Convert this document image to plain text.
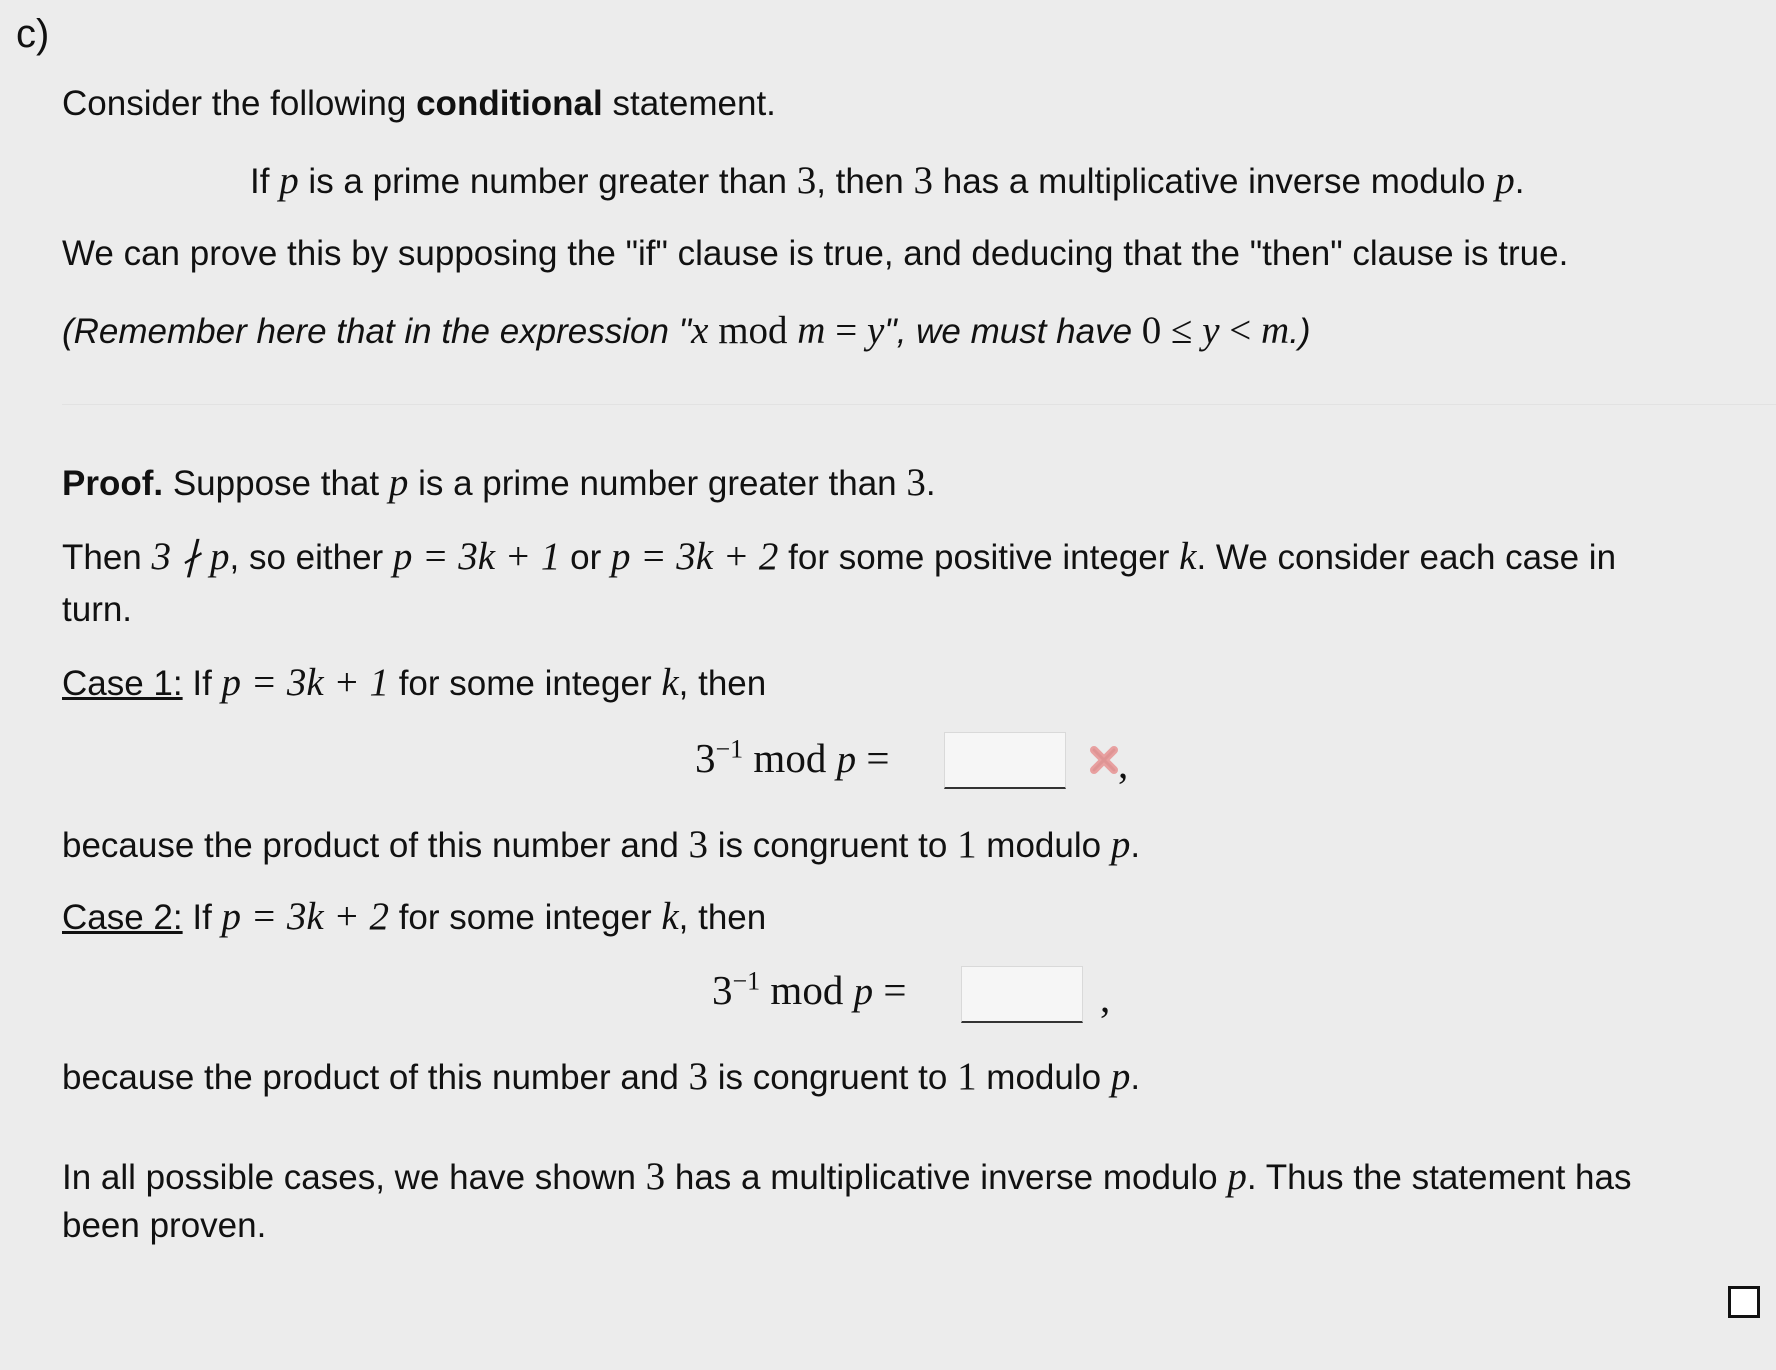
c)
Consider the following conditional statement.
If p is a prime number greater than 3, then 3 has a multiplicative inverse modulo p.
We can prove this by supposing the "if" clause is true, and deducing that the "then" clause is true.
(Remember here that in the expression "x mod m = y", we must have 0 ≤ y < m.)
Proof. Suppose that p is a prime number greater than 3.
Then 3 ∤ p, so either p = 3k + 1 or p = 3k + 2 for some positive integer k. We consider each case in
turn.
Case 1: If p = 3k + 1 for some integer k, then
$3^{-1}$ mod p =	,
because the product of this number and 3 is congruent to 1 modulo p.
Case 2: If p = 3k + 2 for some integer k, then
$3^{-1}$ mod p =	,
because the product of this number and 3 is congruent to 1 modulo p.
In all possible cases, we have shown 3 has a multiplicative inverse modulo p. Thus the statement has
been proven.
